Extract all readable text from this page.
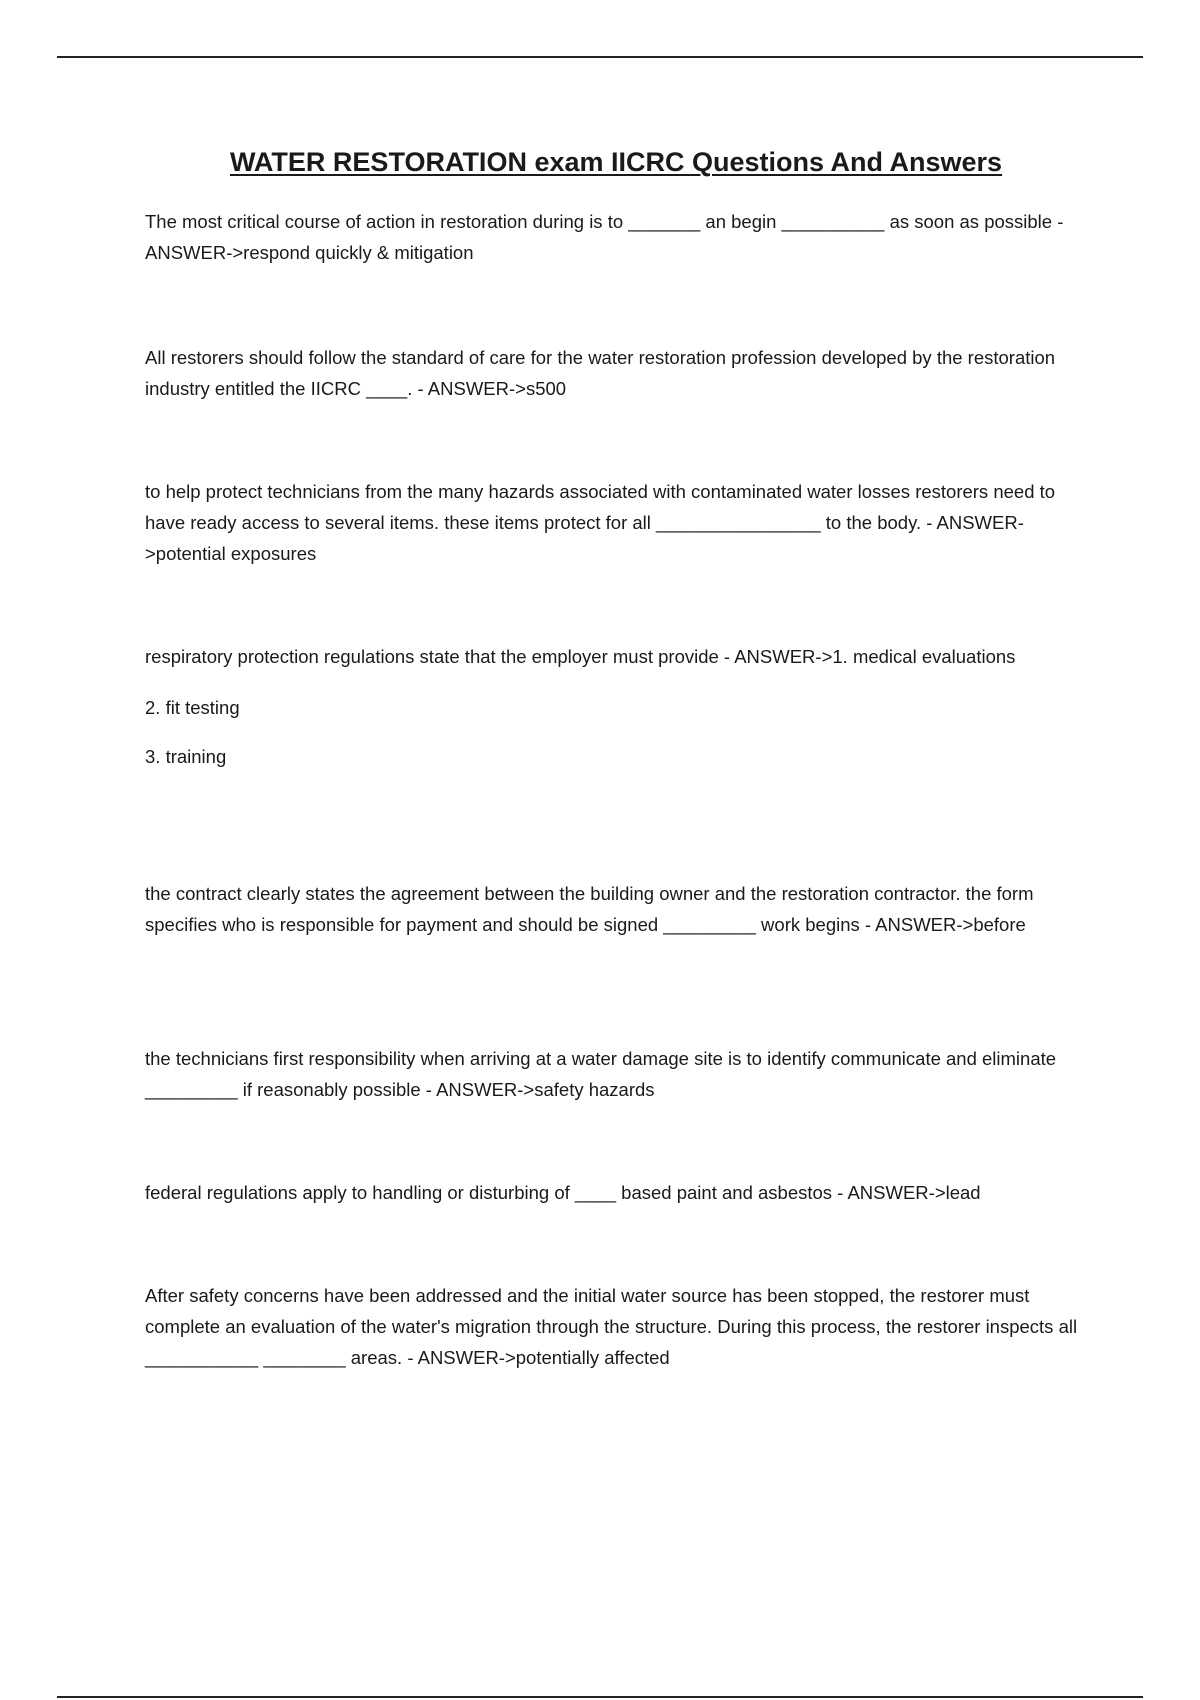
WATER RESTORATION exam IICRC Questions And Answers

The most critical course of action in restoration during is to _______ an begin __________ as soon as possible - ANSWER->respond quickly & mitigation

All restorers should follow the standard of care for the water restoration profession developed by the restoration industry entitled the IICRC ____. - ANSWER->s500

to help protect technicians from the many hazards associated with contaminated water losses restorers need to have ready access to several items. these items protect for all ________________ to the body. - ANSWER->potential exposures

respiratory protection regulations state that the employer must provide - ANSWER->1. medical evaluations

2. fit testing

3. training

the contract clearly states the agreement between the building owner and the restoration contractor. the form specifies who is responsible for payment and should be signed _________ work begins - ANSWER->before

the technicians first responsibility when arriving at a water damage site is to identify communicate and eliminate _________ if reasonably possible - ANSWER->safety hazards

federal regulations apply to handling or disturbing of ____ based paint and asbestos - ANSWER->lead

After safety concerns have been addressed and the initial water source has been stopped, the restorer must complete an evaluation of the water's migration through the structure. During this process, the restorer inspects all ___________ ________ areas. - ANSWER->potentially affected
